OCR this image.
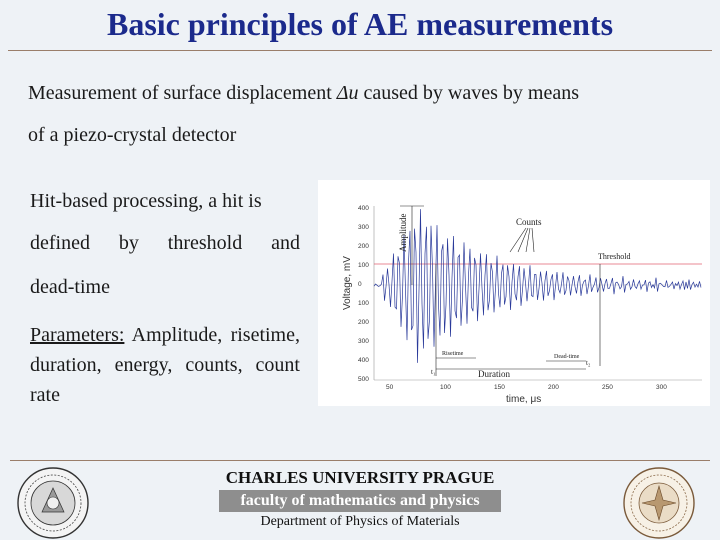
Basic principles of AE measurements
Measurement of surface displacement Δu caused by waves by means
of a piezo-crystal detector
Hit-based processing, a hit is
defined by threshold and
dead-time
Parameters: Amplitude, risetime, duration, energy, counts, count rate
Voltage, mV
time, μs
400
300
200
100
0
100
200
300
400
500
50	100	150	200	250	300
Amplitude	Counts
Threshold
Risetime
Duration
Dead-time
t₁
t₂
CHARLES UNIVERSITY PRAGUE
faculty of mathematics and physics
Department of Physics of Materials
